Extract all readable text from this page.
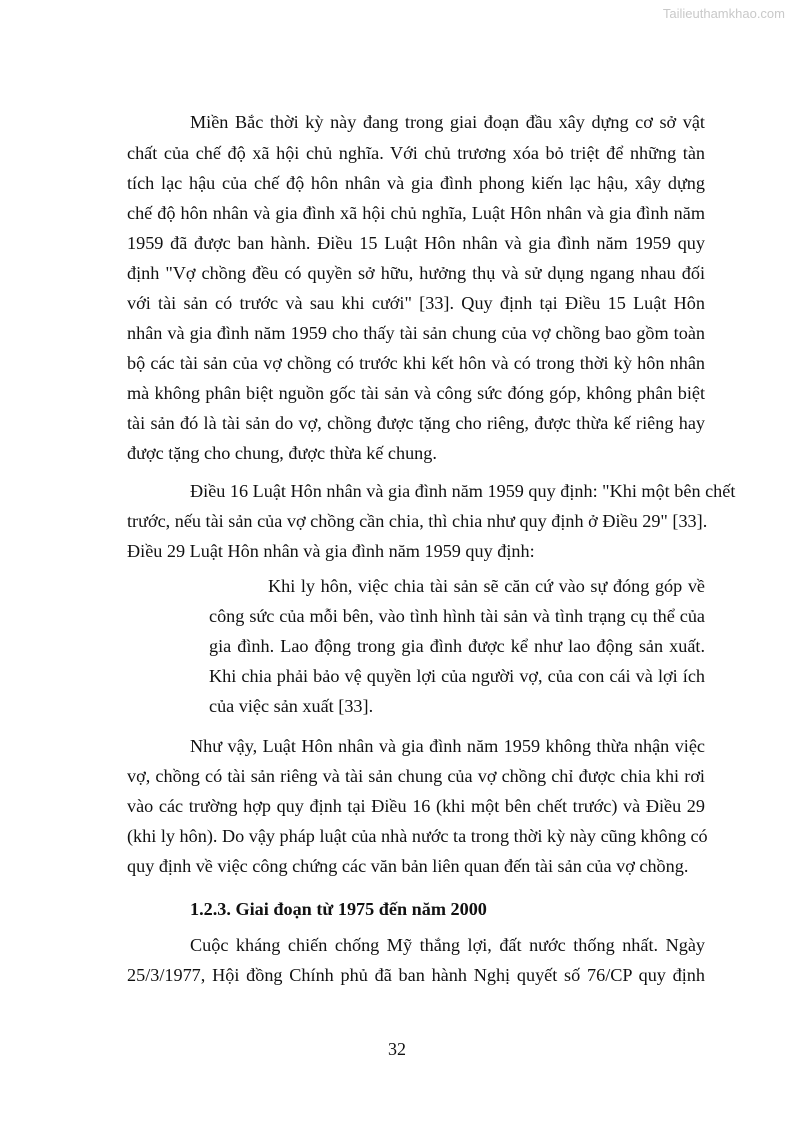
Tailieuthamkhao.com
Miền Bắc thời kỳ này đang trong giai đoạn đầu xây dựng cơ sở vật
chất của chế độ xã hội chủ nghĩa. Với chủ trương xóa bỏ triệt để những tàn
tích lạc hậu của chế độ hôn nhân và gia đình phong kiến lạc hậu, xây dựng
chế độ hôn nhân và gia đình xã hội chủ nghĩa, Luật Hôn nhân và gia đình năm
1959 đã được ban hành. Điều 15 Luật Hôn nhân và gia đình năm 1959 quy
định "Vợ chồng đều có quyền sở hữu, hưởng thụ và sử dụng ngang nhau đối
với tài sản có trước và sau khi cưới" [33]. Quy định tại Điều 15 Luật Hôn
nhân và gia đình năm 1959 cho thấy tài sản chung của vợ chồng bao gồm toàn
bộ các tài sản của vợ chồng có trước khi kết hôn và có trong thời kỳ hôn nhân
mà không phân biệt nguồn gốc tài sản và công sức đóng góp, không phân biệt
tài sản đó là tài sản do vợ, chồng được tặng cho riêng, được thừa kế riêng hay
được tặng cho chung, được thừa kế chung.
Điều 16 Luật Hôn nhân và gia đình năm 1959 quy định: "Khi một bên chết
trước, nếu tài sản của vợ chồng cần chia, thì chia như quy định ở Điều 29" [33].
Điều 29 Luật Hôn nhân và gia đình năm 1959 quy định:
Khi ly hôn, việc chia tài sản sẽ căn cứ vào sự đóng góp về
công sức của mỗi bên, vào tình hình tài sản và tình trạng cụ thể của
gia đình. Lao động trong gia đình được kể như lao động sản xuất.
Khi chia phải bảo vệ quyền lợi của người vợ, của con cái và lợi ích
của việc sản xuất [33].
Như vậy, Luật Hôn nhân và gia đình năm 1959 không thừa nhận việc
vợ, chồng có tài sản riêng và tài sản chung của vợ chồng chỉ được chia khi rơi
vào các trường hợp quy định tại Điều 16 (khi một bên chết trước) và Điều 29
(khi ly hôn). Do vậy pháp luật của nhà nước ta trong thời kỳ này cũng không có
quy định về việc công chứng các văn bản liên quan đến tài sản của vợ chồng.
1.2.3. Giai đoạn từ 1975 đến năm 2000
Cuộc kháng chiến chống Mỹ thắng lợi, đất nước thống nhất. Ngày
25/3/1977, Hội đồng Chính phủ đã ban hành Nghị quyết số 76/CP quy định
32
